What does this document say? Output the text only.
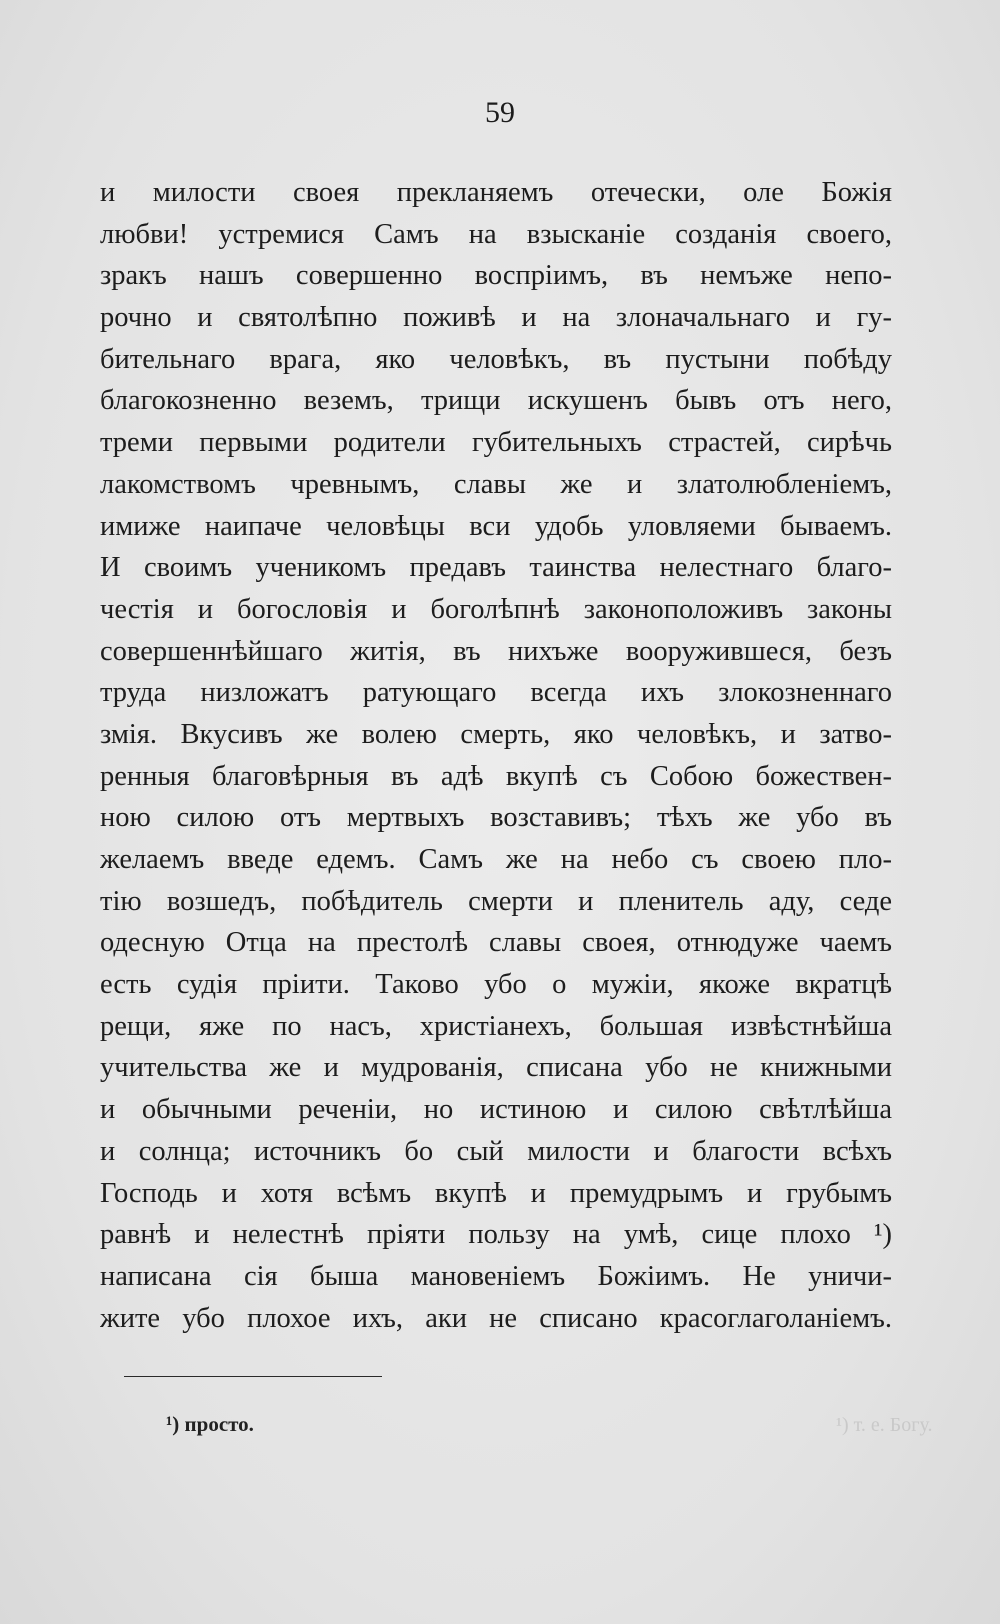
59
и милости своея прекланяемъ отечески, оле Божія
любви! устремися Самъ на взысканіе созданія своего,
зракъ нашъ совершенно воспріимъ, въ немъже непо-
рочно и святолѣпно поживѣ и на злоначальнаго и гу-
бительнаго врага, яко человѣкъ, въ пустыни побѣду
благокозненно веземъ, трищи искушенъ бывъ отъ него,
треми первыми родители губительныхъ страстей, сирѣчь
лакомствомъ чревнымъ, славы же и златолюбленіемъ,
имиже наипаче человѣцы вси удобь уловляеми бываемъ.
И своимъ ученикомъ предавъ таинства нелестнаго благо-
честія и богословія и боголѣпнѣ законоположивъ законы
совершеннѣйшаго житія, въ нихъже вооружившеся, безъ
труда низложатъ ратующаго всегда ихъ злокозненнаго
змія. Вкусивъ же волею смерть, яко человѣкъ, и затво-
ренныя благовѣрныя въ адѣ вкупѣ съ Собою божествен-
ною силою отъ мертвыхъ возставивъ; тѣхъ же убо въ
желаемъ введе едемъ. Самъ же на небо съ своею пло-
тію возшедъ, побѣдитель смерти и пленитель аду, седе
одесную Отца на престолѣ славы своея, отнюдуже чаемъ
есть судія пріити. Таково убо о мужіи, якоже вкратцѣ
рещи, яже по насъ, христіанехъ, большая извѣстнѣйша
учительства же и мудрованія, списана убо не книжными
и обычными реченіи, но истиною и силою свѣтлѣйша
и солнца; источникъ бо сый милости и благости всѣхъ
Господь и хотя всѣмъ вкупѣ и премудрымъ и грубымъ
равнѣ и нелестнѣ пріяти пользу на умѣ, сице плохо ¹)
написана сія быша мановеніемъ Божіимъ. Не уничи-
жите убо плохое ихъ, аки не списано красоглаголаніемъ.
¹) просто.	¹) т. е. Богу.
